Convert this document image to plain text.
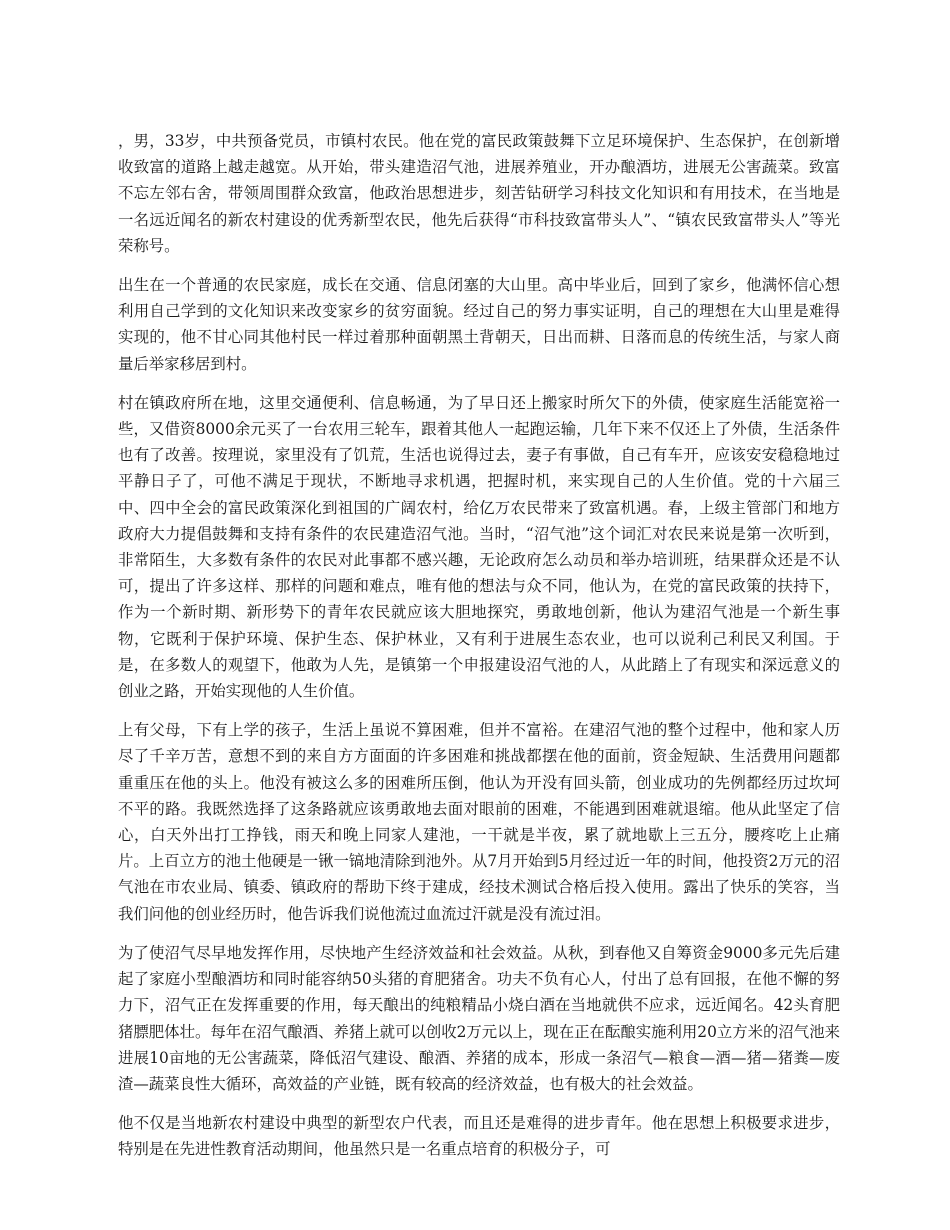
，男，33岁，中共预备党员，市镇村农民。他在党的富民政策鼓舞下立足环境保护、生态保护，在创新增收致富的道路上越走越宽。从开始，带头建造沼气池，进展养殖业，开办酿酒坊，进展无公害蔬菜。致富不忘左邻右舍，带领周围群众致富，他政治思想进步，刻苦钻研学习科技文化知识和有用技术，在当地是一名远近闻名的新农村建设的优秀新型农民，他先后获得“市科技致富带头人”、“镇农民致富带头人”等光荣称号。

出生在一个普通的农民家庭，成长在交通、信息闭塞的大山里。高中毕业后，回到了家乡，他满怀信心想利用自己学到的文化知识来改变家乡的贫穷面貌。经过自己的努力事实证明，自己的理想在大山里是难得实现的，他不甘心同其他村民一样过着那种面朝黑土背朝天，日出而耕、日落而息的传统生活，与家人商量后举家移居到村。

村在镇政府所在地，这里交通便利、信息畅通，为了早日还上搬家时所欠下的外债，使家庭生活能宽裕一些，又借资8000余元买了一台农用三轮车，跟着其他人一起跑运输，几年下来不仅还上了外债，生活条件也有了改善。按理说，家里没有了饥荒，生活也说得过去，妻子有事做，自己有车开，应该安安稳稳地过平静日子了，可他不满足于现状，不断地寻求机遇，把握时机，来实现自己的人生价值。党的十六届三中、四中全会的富民政策深化到祖国的广阔农村，给亿万农民带来了致富机遇。春，上级主管部门和地方政府大力提倡鼓舞和支持有条件的农民建造沼气池。当时，“沼气池”这个词汇对农民来说是第一次听到，非常陌生，大多数有条件的农民对此事都不感兴趣，无论政府怎么动员和举办培训班，结果群众还是不认可，提出了许多这样、那样的问题和难点，唯有他的想法与众不同，他认为，在党的富民政策的扶持下，作为一个新时期、新形势下的青年农民就应该大胆地探究，勇敢地创新，他认为建沼气池是一个新生事物，它既利于保护环境、保护生态、保护林业，又有利于进展生态农业，也可以说利己利民又利国。于是，在多数人的观望下，他敢为人先，是镇第一个申报建设沼气池的人，从此踏上了有现实和深远意义的创业之路，开始实现他的人生价值。

上有父母，下有上学的孩子，生活上虽说不算困难，但并不富裕。在建沼气池的整个过程中，他和家人历尽了千辛万苦，意想不到的来自方方面面的许多困难和挑战都摆在他的面前，资金短缺、生活费用问题都重重压在他的头上。他没有被这么多的困难所压倒，他认为开没有回头箭，创业成功的先例都经历过坎坷不平的路。我既然选择了这条路就应该勇敢地去面对眼前的困难，不能遇到困难就退缩。他从此坚定了信心，白天外出打工挣钱，雨天和晚上同家人建池，一干就是半夜，累了就地歇上三五分，腰疼吃上止痛片。上百立方的池土他硬是一锹一镐地清除到池外。从7月开始到5月经过近一年的时间，他投资2万元的沼气池在市农业局、镇委、镇政府的帮助下终于建成，经技术测试合格后投入使用。露出了快乐的笑容，当我们问他的创业经历时，他告诉我们说他流过血流过汗就是没有流过泪。

为了使沼气尽早地发挥作用，尽快地产生经济效益和社会效益。从秋，到春他又自筹资金9000多元先后建起了家庭小型酿酒坊和同时能容纳50头猪的育肥猪舍。功夫不负有心人，付出了总有回报，在他不懈的努力下，沼气正在发挥重要的作用，每天酿出的纯粮精品小烧白酒在当地就供不应求，远近闻名。42头育肥猪膘肥体壮。每年在沼气酿酒、养猪上就可以创收2万元以上，现在正在酝酿实施利用20立方米的沼气池来进展10亩地的无公害蔬菜，降低沼气建设、酿酒、养猪的成本，形成一条沼气—粮食—酒—猪—猪粪—废渣—蔬菜良性大循环，高效益的产业链，既有较高的经济效益，也有极大的社会效益。

他不仅是当地新农村建设中典型的新型农户代表，而且还是难得的进步青年。他在思想上积极要求进步，特别是在先进性教育活动期间，他虽然只是一名重点培育的积极分子，可
